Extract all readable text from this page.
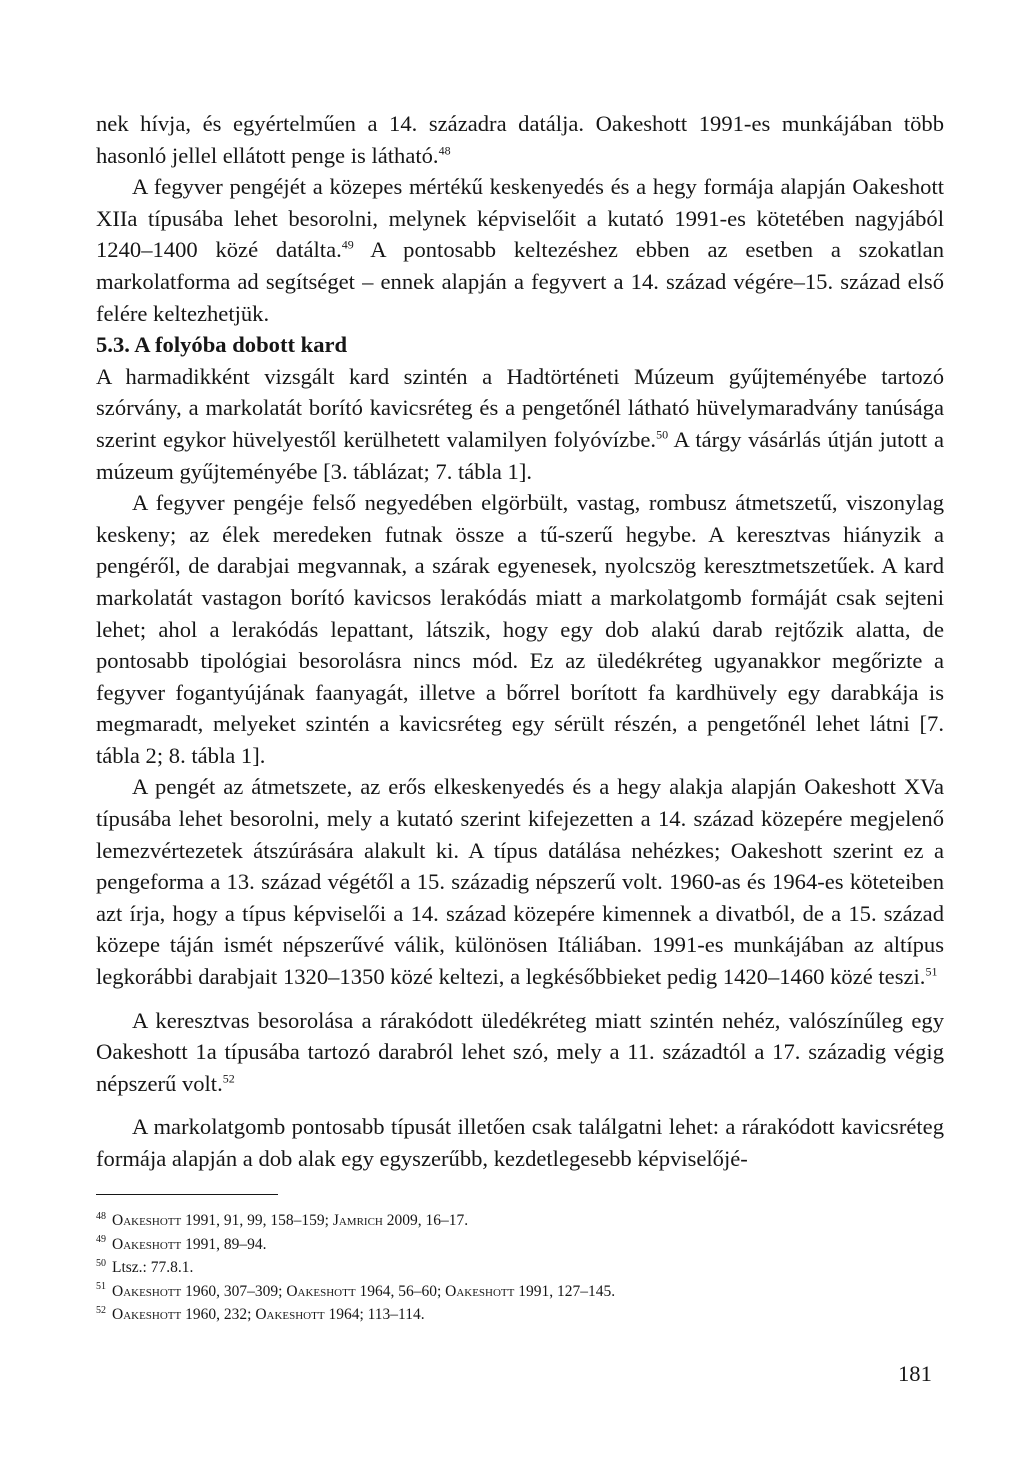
nek hívja, és egyértelműen a 14. századra datálja. Oakeshott 1991-es munkájában több hasonló jellel ellátott penge is látható.$^{48}$

A fegyver pengéjét a közepes mértékű keskenyedés és a hegy formája alapján Oakeshott XIIa típusába lehet besorolni, melynek képviselőit a kutató 1991-es kötetében nagyjából 1240–1400 közé datálta.$^{49}$ A pontosabb keltezéshez ebben az esetben a szokatlan markolatforma ad segítséget – ennek alapján a fegyvert a 14. század végére–15. század első felére keltezhetjük.

5.3. A folyóba dobott kard

A harmadikként vizsgált kard szintén a Hadtörténeti Múzeum gyűjteményébe tartozó szórvány, a markolatát borító kavicsréteg és a pengetőnél látható hüvelymaradvány tanúsága szerint egykor hüvelyestől kerülhetett valamilyen folyóvízbe.$^{50}$ A tárgy vásárlás útján jutott a múzeum gyűjteményébe [3. táblázat; 7. tábla 1].

A fegyver pengéje felső negyedében elgörbült, vastag, rombusz átmetszetű, viszonylag keskeny; az élek meredeken futnak össze a tű-szerű hegybe. A keresztvas hiányzik a pengéről, de darabjai megvannak, a szárak egyenesek, nyolcszög keresztmetszetűek. A kard markolatát vastagon borító kavicsos lerakódás miatt a markolatgomb formáját csak sejteni lehet; ahol a lerakódás lepattant, látszik, hogy egy dob alakú darab rejtőzik alatta, de pontosabb tipológiai besorolásra nincs mód. Ez az üledékréteg ugyanakkor megőrizte a fegyver fogantyújának faanyagát, illetve a bőrrel borított fa kardhüvely egy darabkája is megmaradt, melyeket szintén a kavicsréteg egy sérült részén, a pengetőnél lehet látni [7. tábla 2; 8. tábla 1].

A pengét az átmetszete, az erős elkeskenyedés és a hegy alakja alapján Oakeshott XVa típusába lehet besorolni, mely a kutató szerint kifejezetten a 14. század közepére megjelenő lemezvértezetek átszúrására alakult ki. A típus datálása nehézkes; Oakeshott szerint ez a pengeforma a 13. század végétől a 15. századig népszerű volt. 1960-as és 1964-es köteteiben azt írja, hogy a típus képviselői a 14. század közepére kimennek a divatból, de a 15. század közepe táján ismét népszerűvé válik, különösen Itáliában. 1991-es munkájában az altípus legkorábbi darabjait 1320–1350 közé keltezi, a legkésőbbieket pedig 1420–1460 közé teszi.$^{51}$

A keresztvas besorolása a rárakódott üledékréteg miatt szintén nehéz, valószínűleg egy Oakeshott 1a típusába tartozó darabról lehet szó, mely a 11. századtól a 17. századig végig népszerű volt.$^{52}$

A markolatgomb pontosabb típusát illetően csak találgatni lehet: a rárakódott kavicsréteg formája alapján a dob alak egy egyszerűbb, kezdetlegesebb képviselőjé-

$^{48}$ Oakeshott 1991, 91, 99, 158–159; Jamrich 2009, 16–17.
$^{49}$ Oakeshott 1991, 89–94.
$^{50}$ Ltsz.: 77.8.1.
$^{51}$ Oakeshott 1960, 307–309; Oakeshott 1964, 56–60; Oakeshott 1991, 127–145.
$^{52}$ Oakeshott 1960, 232; Oakeshott 1964; 113–114.
181
